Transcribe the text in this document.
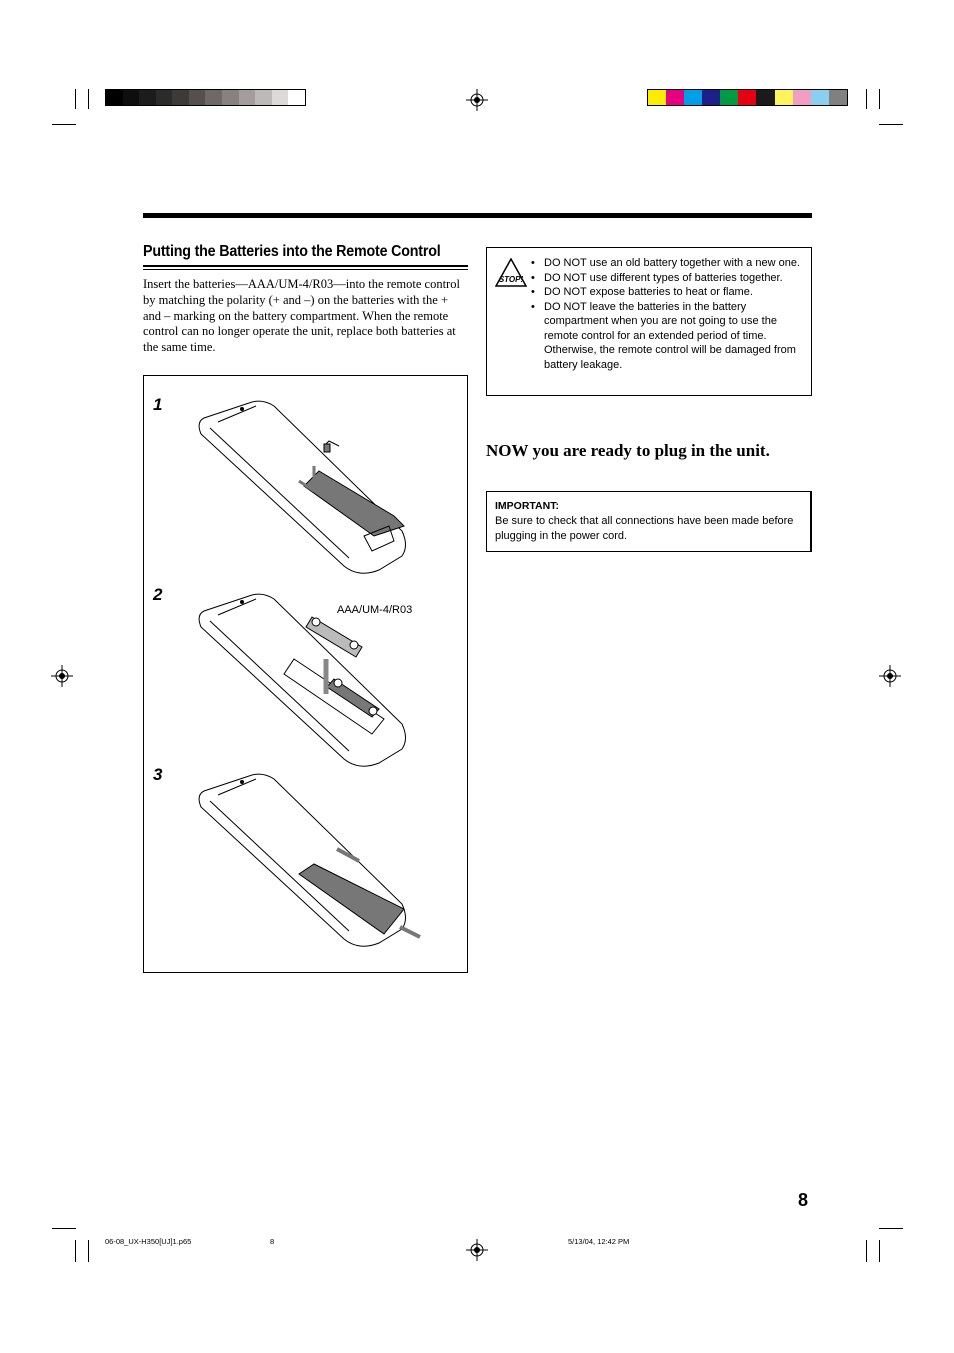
Putting the Batteries into the Remote Control
Insert the batteries—AAA/UM-4/R03—into the remote control by matching the polarity (+ and –) on the batteries with the + and – marking on the battery compartment. When the remote control can no longer operate the unit, replace both batteries at the same time.
1
2
3
AAA/UM-4/R03
STOP!
• DO NOT use an old battery together with a new one.
• DO NOT use different types of batteries together.
• DO NOT expose batteries to heat or flame.
• DO NOT leave the batteries in the battery compartment when you are not going to use the remote control for an extended period of time. Otherwise, the remote control will be damaged from battery leakage.
NOW you are ready to plug in the unit.
IMPORTANT:
Be sure to check that all connections have been made before plugging in the power cord.
8
06-08_UX-H350[UJ]1.p65	8	5/13/04, 12:42 PM
